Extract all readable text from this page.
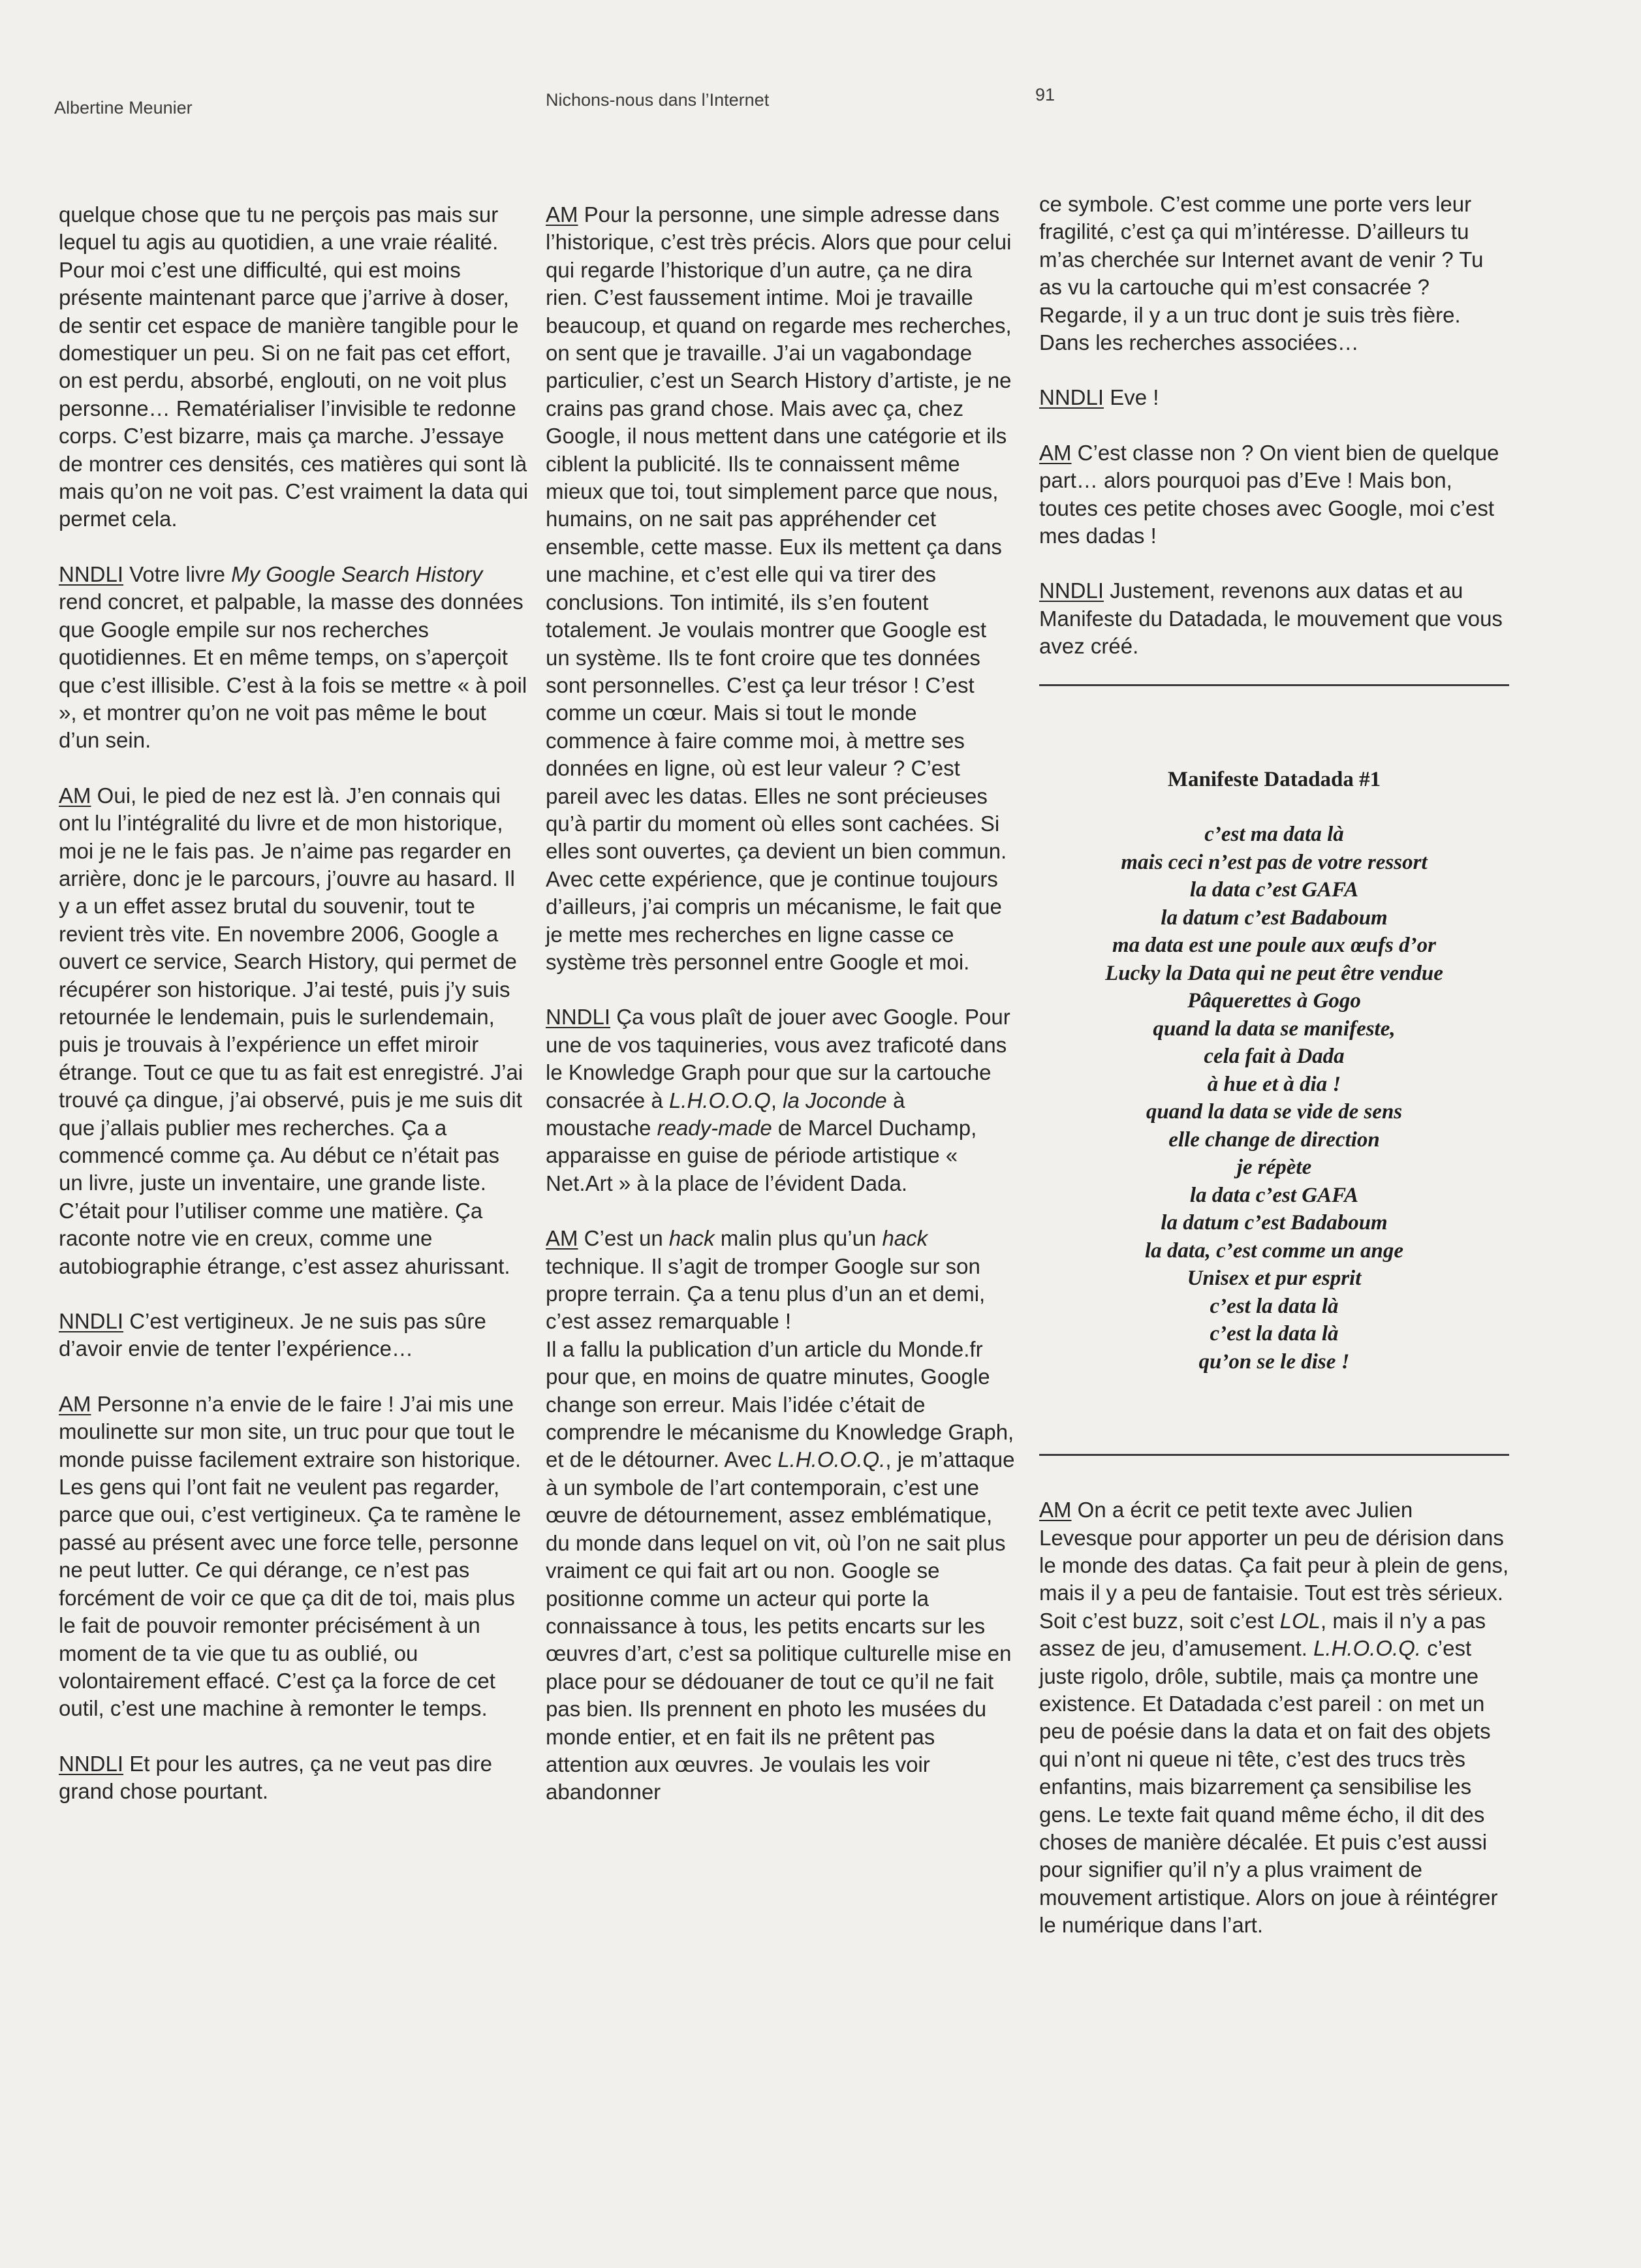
Albertine Meunier	Nichons-nous dans l’Internet	91

quelque chose que tu ne perçois pas mais sur lequel tu agis au quotidien, a une vraie réalité. Pour moi c’est une difficulté, qui est moins présente maintenant parce que j’arrive à doser, de sentir cet espace de manière tangible pour le domestiquer un peu. Si on ne fait pas cet effort, on est perdu, absorbé, englouti, on ne voit plus personne… Rematérialiser l’invisible te redonne corps. C’est bizarre, mais ça marche. J’essaye de montrer ces densités, ces matières qui sont là mais qu’on ne voit pas. C’est vraiment la data qui permet cela.

NNDLI Votre livre My Google Search History rend concret, et palpable, la masse des données que Google empile sur nos recherches quotidiennes. Et en même temps, on s’aperçoit que c’est illisible. C’est à la fois se mettre « à poil », et montrer qu’on ne voit pas même le bout d’un sein.

AM Oui, le pied de nez est là. J’en connais qui ont lu l’intégralité du livre et de mon historique, moi je ne le fais pas. Je n’aime pas regarder en arrière, donc je le parcours, j’ouvre au hasard. Il y a un effet assez brutal du souvenir, tout te revient très vite. En novembre 2006, Google a ouvert ce service, Search History, qui permet de récupérer son historique. J’ai testé, puis j’y suis retournée le lendemain, puis le surlendemain, puis je trouvais à l’expérience un effet miroir étrange. Tout ce que tu as fait est enregistré. J’ai trouvé ça dingue, j’ai observé, puis je me suis dit que j’allais publier mes recherches. Ça a commencé comme ça. Au début ce n’était pas un livre, juste un inventaire, une grande liste. C’était pour l’utiliser comme une matière. Ça raconte notre vie en creux, comme une autobiographie étrange, c’est assez ahurissant.

NNDLI C’est vertigineux. Je ne suis pas sûre d’avoir envie de tenter l’expérience…

AM Personne n’a envie de le faire ! J’ai mis une moulinette sur mon site, un truc pour que tout le monde puisse facilement extraire son historique. Les gens qui l’ont fait ne veulent pas regarder, parce que oui, c’est vertigineux. Ça te ramène le passé au présent avec une force telle, personne ne peut lutter. Ce qui dérange, ce n’est pas forcément de voir ce que ça dit de toi, mais plus le fait de pouvoir remonter précisément à un moment de ta vie que tu as oublié, ou volontairement effacé. C’est ça la force de cet outil, c’est une machine à remonter le temps.

NNDLI Et pour les autres, ça ne veut pas dire grand chose pourtant.

AM Pour la personne, une simple adresse dans l’historique, c’est très précis. Alors que pour celui qui regarde l’historique d’un autre, ça ne dira rien. C’est faussement intime. Moi je travaille beaucoup, et quand on regarde mes recherches, on sent que je travaille. J’ai un vagabondage particulier, c’est un Search History d’artiste, je ne crains pas grand chose. Mais avec ça, chez Google, il nous mettent dans une catégorie et ils ciblent la publicité. Ils te connaissent même mieux que toi, tout simplement parce que nous, humains, on ne sait pas appréhender cet ensemble, cette masse. Eux ils mettent ça dans une machine, et c’est elle qui va tirer des conclusions. Ton intimité, ils s’en foutent totalement. Je voulais montrer que Google est un système. Ils te font croire que tes données sont personnelles. C’est ça leur trésor ! C’est comme un cœur. Mais si tout le monde commence à faire comme moi, à mettre ses données en ligne, où est leur valeur ? C’est pareil avec les datas. Elles ne sont précieuses qu’à partir du moment où elles sont cachées. Si elles sont ouvertes, ça devient un bien commun. Avec cette expérience, que je continue toujours d’ailleurs, j’ai compris un mécanisme, le fait que je mette mes recherches en ligne casse ce système très personnel entre Google et moi.

NNDLI Ça vous plaît de jouer avec Google. Pour une de vos taquineries, vous avez traficoté dans le Knowledge Graph pour que sur la cartouche consacrée à L.H.O.O.Q, la Joconde à moustache ready-made de Marcel Duchamp, apparaisse en guise de période artistique « Net.Art » à la place de l’évident Dada.

AM C’est un hack malin plus qu’un hack technique. Il s’agit de tromper Google sur son propre terrain. Ça a tenu plus d’un an et demi, c’est assez remarquable !
Il a fallu la publication d’un article du Monde.fr pour que, en moins de quatre minutes, Google change son erreur. Mais l’idée c’était de comprendre le mécanisme du Knowledge Graph, et de le détourner. Avec L.H.O.O.Q., je m’attaque à un symbole de l’art contemporain, c’est une œuvre de détournement, assez emblématique, du monde dans lequel on vit, où l’on ne sait plus vraiment ce qui fait art ou non. Google se positionne comme un acteur qui porte la connaissance à tous, les petits encarts sur les œuvres d’art, c’est sa politique culturelle mise en place pour se dédouaner de tout ce qu’il ne fait pas bien. Ils prennent en photo les musées du monde entier, et en fait ils ne prêtent pas attention aux œuvres. Je voulais les voir abandonner

ce symbole. C’est comme une porte vers leur fragilité, c’est ça qui m’intéresse. D’ailleurs tu m’as cherchée sur Internet avant de venir ? Tu as vu la cartouche qui m’est consacrée ? Regarde, il y a un truc dont je suis très fière. Dans les recherches associées…

NNDLI Eve !

AM C’est classe non ? On vient bien de quelque part… alors pourquoi pas d’Eve ! Mais bon, toutes ces petite choses avec Google, moi c’est mes dadas !

NNDLI Justement, revenons aux datas et au Manifeste du Datadada, le mouvement que vous avez créé.

Manifeste Datadada #1
c’est ma data là
mais ceci n’est pas de votre ressort
la data c’est GAFA
la datum c’est Badaboum
ma data est une poule aux œufs d’or
Lucky la Data qui ne peut être vendue
Pâquerettes à Gogo
quand la data se manifeste,
cela fait à Dada
à hue et à dia !
quand la data se vide de sens
elle change de direction
je répète
la data c’est GAFA
la datum c’est Badaboum
la data, c’est comme un ange
Unisex et pur esprit
c’est la data là
c’est la data là
qu’on se le dise !

AM On a écrit ce petit texte avec Julien Levesque pour apporter un peu de dérision dans le monde des datas. Ça fait peur à plein de gens, mais il y a peu de fantaisie. Tout est très sérieux. Soit c’est buzz, soit c’est LOL, mais il n’y a pas assez de jeu, d’amusement. L.H.O.O.Q. c’est juste rigolo, drôle, subtile, mais ça montre une existence. Et Datadada c’est pareil : on met un peu de poésie dans la data et on fait des objets qui n’ont ni queue ni tête, c’est des trucs très enfantins, mais bizarrement ça sensibilise les gens. Le texte fait quand même écho, il dit des choses de manière décalée. Et puis c’est aussi pour signifier qu’il n’y a plus vraiment de mouvement artistique. Alors on joue à réintégrer le numérique dans l’art.
